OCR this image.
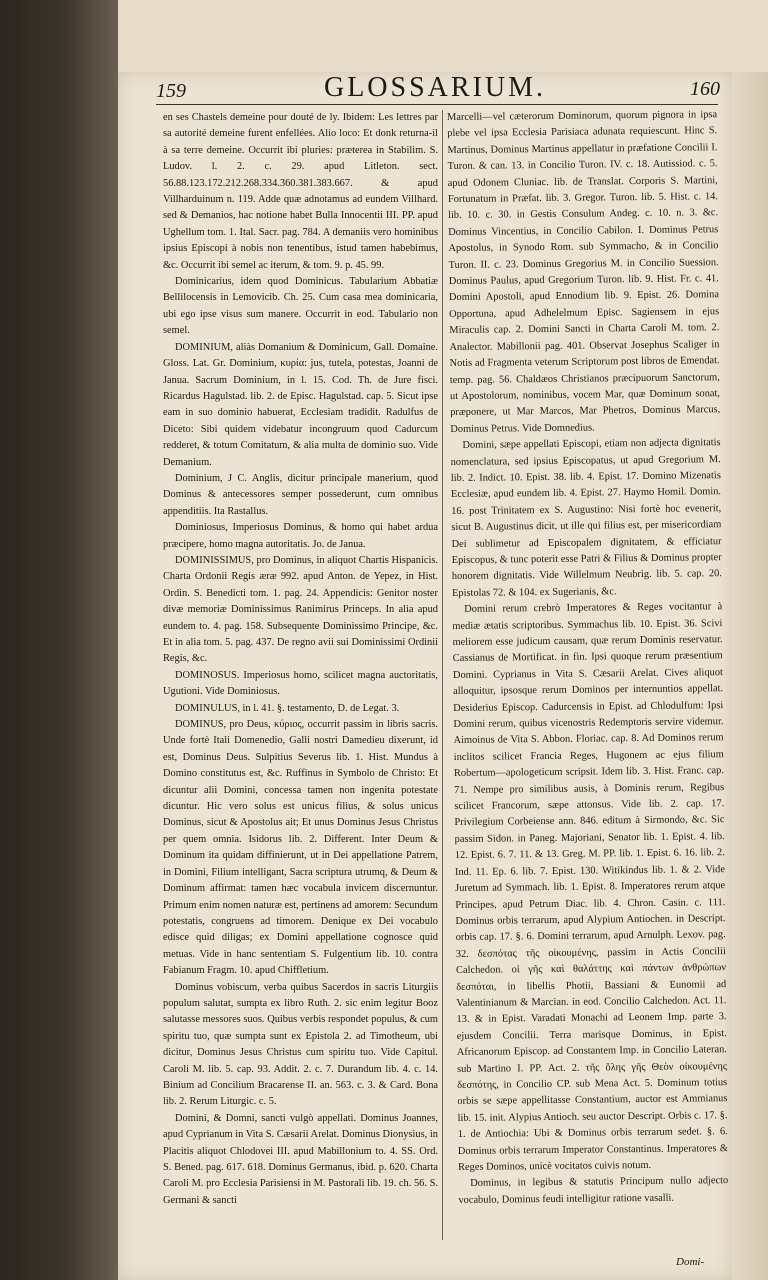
159	GLOSSARIUM.	160

en ses Chastels demeine pour douté de ly. Ibidem: Les lettres par sa autorité demeine furent enfellées. Alio loco: Et donk returna-il à sa terre demeine. Occurrit ibi pluries: præterea in Stabilim. S. Ludov. l. 2. c. 29. apud Litleton. sect. 56.88.123.172.212.268.334.360.381.383.667. & apud Villharduinum n. 119. Adde quæ adnotamus ad eundem Villhard. sed & Demanios, hac notione habet Bulla Innocentii III. PP. apud Ughellum tom. 1. Ital. Sacr. pag. 784. A demaniis vero hominibus ipsius Episcopi à nobis non tenentibus, istud tamen habebimus, &c. Occurrit ibi semel ac iterum, & tom. 9. p. 45. 99.

Dominicarius, idem quod Dominicus. Tabularium Abbatiæ Bellilocensis in Lemovicib. Ch. 25. Cum casa mea dominicaria, ubi ego ipse visus sum manere. Occurrit in eod. Tabulario non semel.

DOMINIUM, aliàs Domanium & Dominicum, Gall. Domaine. Gloss. Lat. Gr. Dominium, κυρία: jus, tutela, potestas, Joanni de Janua. Sacrum Dominium, in l. 15. Cod. Th. de Jure fisci. Ricardus Hagulstad. lib. 2. de Episc. Hagulstad. cap. 5. Sicut ipse eam in suo dominio habuerat, Ecclesiam tradidit. Radulfus de Diceto: Sibi quidem videbatur incongruum quod Cadurcum redderet, & totum Comitatum, & alia multa de dominio suo. Vide Demanium.

Dominium, J C. Anglis, dicitur principale manerium, quod Dominus & antecessores semper possederunt, cum omnibus appenditiis. Ita Rastallus.

Dominiosus, Imperiosus Dominus, & homo qui habet ardua præcipere, homo magna autoritatis. Jo. de Janua.

DOMINISSIMUS, pro Dominus, in aliquot Chartis Hispanicis. Charta Ordonii Regis æræ 992. apud Anton. de Yepez, in Hist. Ordin. S. Benedicti tom. 1. pag. 24. Appendicis: Genitor noster divæ memoriæ Dominissimus Ranimirus Princeps. In alia apud eundem to. 4. pag. 158. Subsequente Dominissimo Principe, &c. Et in alia tom. 5. pag. 437. De regno avii sui Dominissimi Ordinii Regis, &c.

DOMINOSUS. Imperiosus homo, scilicet magna auctoritatis, Ugutioni. Vide Dominiosus.

DOMINULUS, in l. 41. §. testamento, D. de Legat. 3.

DOMINUS, pro Deus, κύριος, occurrit passim in libris sacris. Unde fortè Itali Domenedio, Galli nostri Damedieu dixerunt, id est, Dominus Deus. Sulpitius Severus lib. 1. Hist. Mundus à Domino constitutus est, &c. Ruffinus in Symbolo de Christo: Et dicuntur alii Domini, concessa tamen non ingenita potestate dicuntur. Hic vero solus est unicus filius, & solus unicus Dominus, sicut & Apostolus ait; Et unus Dominus Jesus Christus per quem omnia. Isidorus lib. 2. Different. Inter Deum & Dominum ita quidam diffinierunt, ut in Dei appellatione Patrem, in Domini, Filium intelligant, Sacra scriptura utrumq, & Deum & Dominum affirmat: tamen hæc vocabula invicem discernuntur. Primum enim nomen naturæ est, pertinens ad amorem: Secundum potestatis, congruens ad timorem. Denique ex Dei vocabulo edisce quid diligas; ex Domini appellatione cognosce quid metuas. Vide in hanc sententiam S. Fulgentium lib. 10. contra Fabianum Fragm. 10. apud Chiffletium.

Dominus vobiscum, verba quibus Sacerdos in sacris Liturgiis populum salutat, sumpta ex libro Ruth. 2. sic enim legitur Booz salutasse messores suos. Quibus verbis respondet populus, & cum spiritu tuo, quæ sumpta sunt ex Epistola 2. ad Timotheum, ubi dicitur, Dominus Jesus Christus cum spiritu tuo. Vide Capitul. Caroli M. lib. 5. cap. 93. Addit. 2. c. 7. Durandum lib. 4. c. 14. Binium ad Concilium Bracarense II. an. 563. c. 3. & Card. Bona lib. 2. Rerum Liturgic. c. 5.

Domini, & Domni, sancti vulgò appellati. Dominus Joannes, apud Cyprianum in Vita S. Cæsarii Arelat. Dominus Dionysius, in Placitis aliquot Chlodovei III. apud Mabillonium to. 4. SS. Ord. S. Bened. pag. 617. 618. Dominus Germanus, ibid. p. 620. Charta Caroli M. pro Ecclesia Parisiensi in M. Pastorali lib. 19. ch. 56. S. Germani & sancti

Marcelli—vel cæterorum Dominorum, quorum pignora in ipsa plebe vel ipsa Ecclesia Parisiaca adunata requiescunt. Hinc S. Martinus, Dominus Martinus appellatur in præfatione Concilii I. Turon. & can. 13. in Concilio Turon. IV. c. 18. Autissiod. c. 5. apud Odonem Cluniac. lib. de Translat. Corporis S. Martini, Fortunatum in Præfat. lib. 3. Gregor. Turon. lib. 5. Hist. c. 14. lib. 10. c. 30. in Gestis Consulum Andeg. c. 10. n. 3. &c. Dominus Vincentius, in Concilio Cabilon. I. Dominus Petrus Apostolus, in Synodo Rom. sub Symmacho, & in Concilio Turon. II. c. 23. Dominus Gregorius M. in Concilio Suession. Dominus Paulus, apud Gregorium Turon. lib. 9. Hist. Fr. c. 41. Domini Apostoli, apud Ennodium lib. 9. Epist. 26. Domina Opportuna, apud Adhelelmum Episc. Sagiensem in ejus Miraculis cap. 2. Domini Sancti in Charta Caroli M. tom. 2. Analector. Mabillonii pag. 401. Observat Josephus Scaliger in Notis ad Fragmenta veterum Scriptorum post libros de Emendat. temp. pag. 56. Chaldæos Christianos præcipuorum Sanctorum, ut Apostolorum, nominibus, vocem Mar, quæ Dominum sonat, præponere, ut Mar Marcos, Mar Phetros, Dominus Marcus, Dominus Petrus. Vide Domnedius.

Domini, sæpe appellati Episcopi, etiam non adjecta dignitatis nomenclatura, sed ipsius Episcopatus, ut apud Gregorium M. lib. 2. Indict. 10. Epist. 38. lib. 4. Epist. 17. Domino Mizenatis Ecclesiæ, apud eundem lib. 4. Epist. 27. Haymo Homil. Domin. 16. post Trinitatem ex S. Augustino: Nisi fortè hoc evenerit, sicut B. Augustinus dicit, ut ille qui filius est, per misericordiam Dei sublimetur ad Episcopalem dignitatem, & efficiatur Episcopus, & tunc poterit esse Patri & Filius & Dominus propter honorem dignitatis. Vide Willelmum Neubrig. lib. 5. cap. 20. Epistolas 72. & 104. ex Sugerianis, &c.

Domini rerum crebrò Imperatores & Reges vocitantur à mediæ ætatis scriptoribus. Symmachus lib. 10. Epist. 36. Scivi meliorem esse judicum causam, quæ rerum Dominis reservatur. Cassianus de Mortificat. in fin. Ipsi quoque rerum præsentium Domini. Cyprianus in Vita S. Cæsarii Arelat. Cives aliquot alloquitur, ipsosque rerum Dominos per internuntios appellat. Desiderius Episcop. Cadurcensis in Epist. ad Chlodulfum: Ipsi Domini rerum, quibus vicenostris Redemptoris servire videmur. Aimoinus de Vita S. Abbon. Floriac. cap. 8. Ad Dominos rerum inclitos scilicet Francia Reges, Hugonem ac ejus filium Robertum—apologeticum scripsit. Idem lib. 3. Hist. Franc. cap. 71. Nempe pro similibus ausis, à Dominis rerum, Regibus scilicet Francorum, sæpe attonsus. Vide lib. 2. cap. 17. Privilegium Corbeiense ann. 846. editum à Sirmondo, &c. Sic passim Sidon. in Paneg. Majoriani, Senator lib. 1. Epist. 4. lib. 12. Epist. 6. 7. 11. & 13. Greg. M. PP. lib. 1. Epist. 6. 16. lib. 2. Ind. 11. Ep. 6. lib. 7. Epist. 130. Witikindus lib. 1. & 2. Vide Juretum ad Symmach. lib. 1. Epist. 8. Imperatores rerum atque Principes, apud Petrum Diac. lib. 4. Chron. Casin. c. 111. Dominus orbis terrarum, apud Alypium Antiochen. in Descript. orbis cap. 17. §. 6. Domini terrarum, apud Arnulph. Lexov. pag. 32. δεσπότας τῆς οἰκουμένης, passim in Actis Concilii Calchedon. οἱ γῆς καὶ θαλάττης καὶ πάντων ἀνθρώπων δεσπόται, in libellis Photii, Bassiani & Eunomii ad Valentinianum & Marcian. in eod. Concilio Calchedon. Act. 11. 13. & in Epist. Varadati Monachi ad Leonem Imp. parte 3. ejusdem Concilii. Terra marisque Dominus, in Epist. Africanorum Episcop. ad Constantem Imp. in Concilio Lateran. sub Martino I. PP. Act. 2. τῆς ὅλης γῆς Θεὸν οἰκουμένης δεσπότης, in Concilio CP. sub Mena Act. 5. Dominum totius orbis se sæpe appellitasse Constantium, auctor est Ammianus lib. 15. init. Alypius Antioch. seu auctor Descript. Orbis c. 17. §. 1. de Antiochia: Ubi & Dominus orbis terrarum sedet. §. 6. Dominus orbis terrarum Imperator Constantinus. Imperatores & Reges Dominos, unicè vocitatos cuivis notum.

Dominus, in legibus & statutis Principum nullo adjecto vocabulo, Dominus feudi intelligitur ratione vasalli.

Domi-
